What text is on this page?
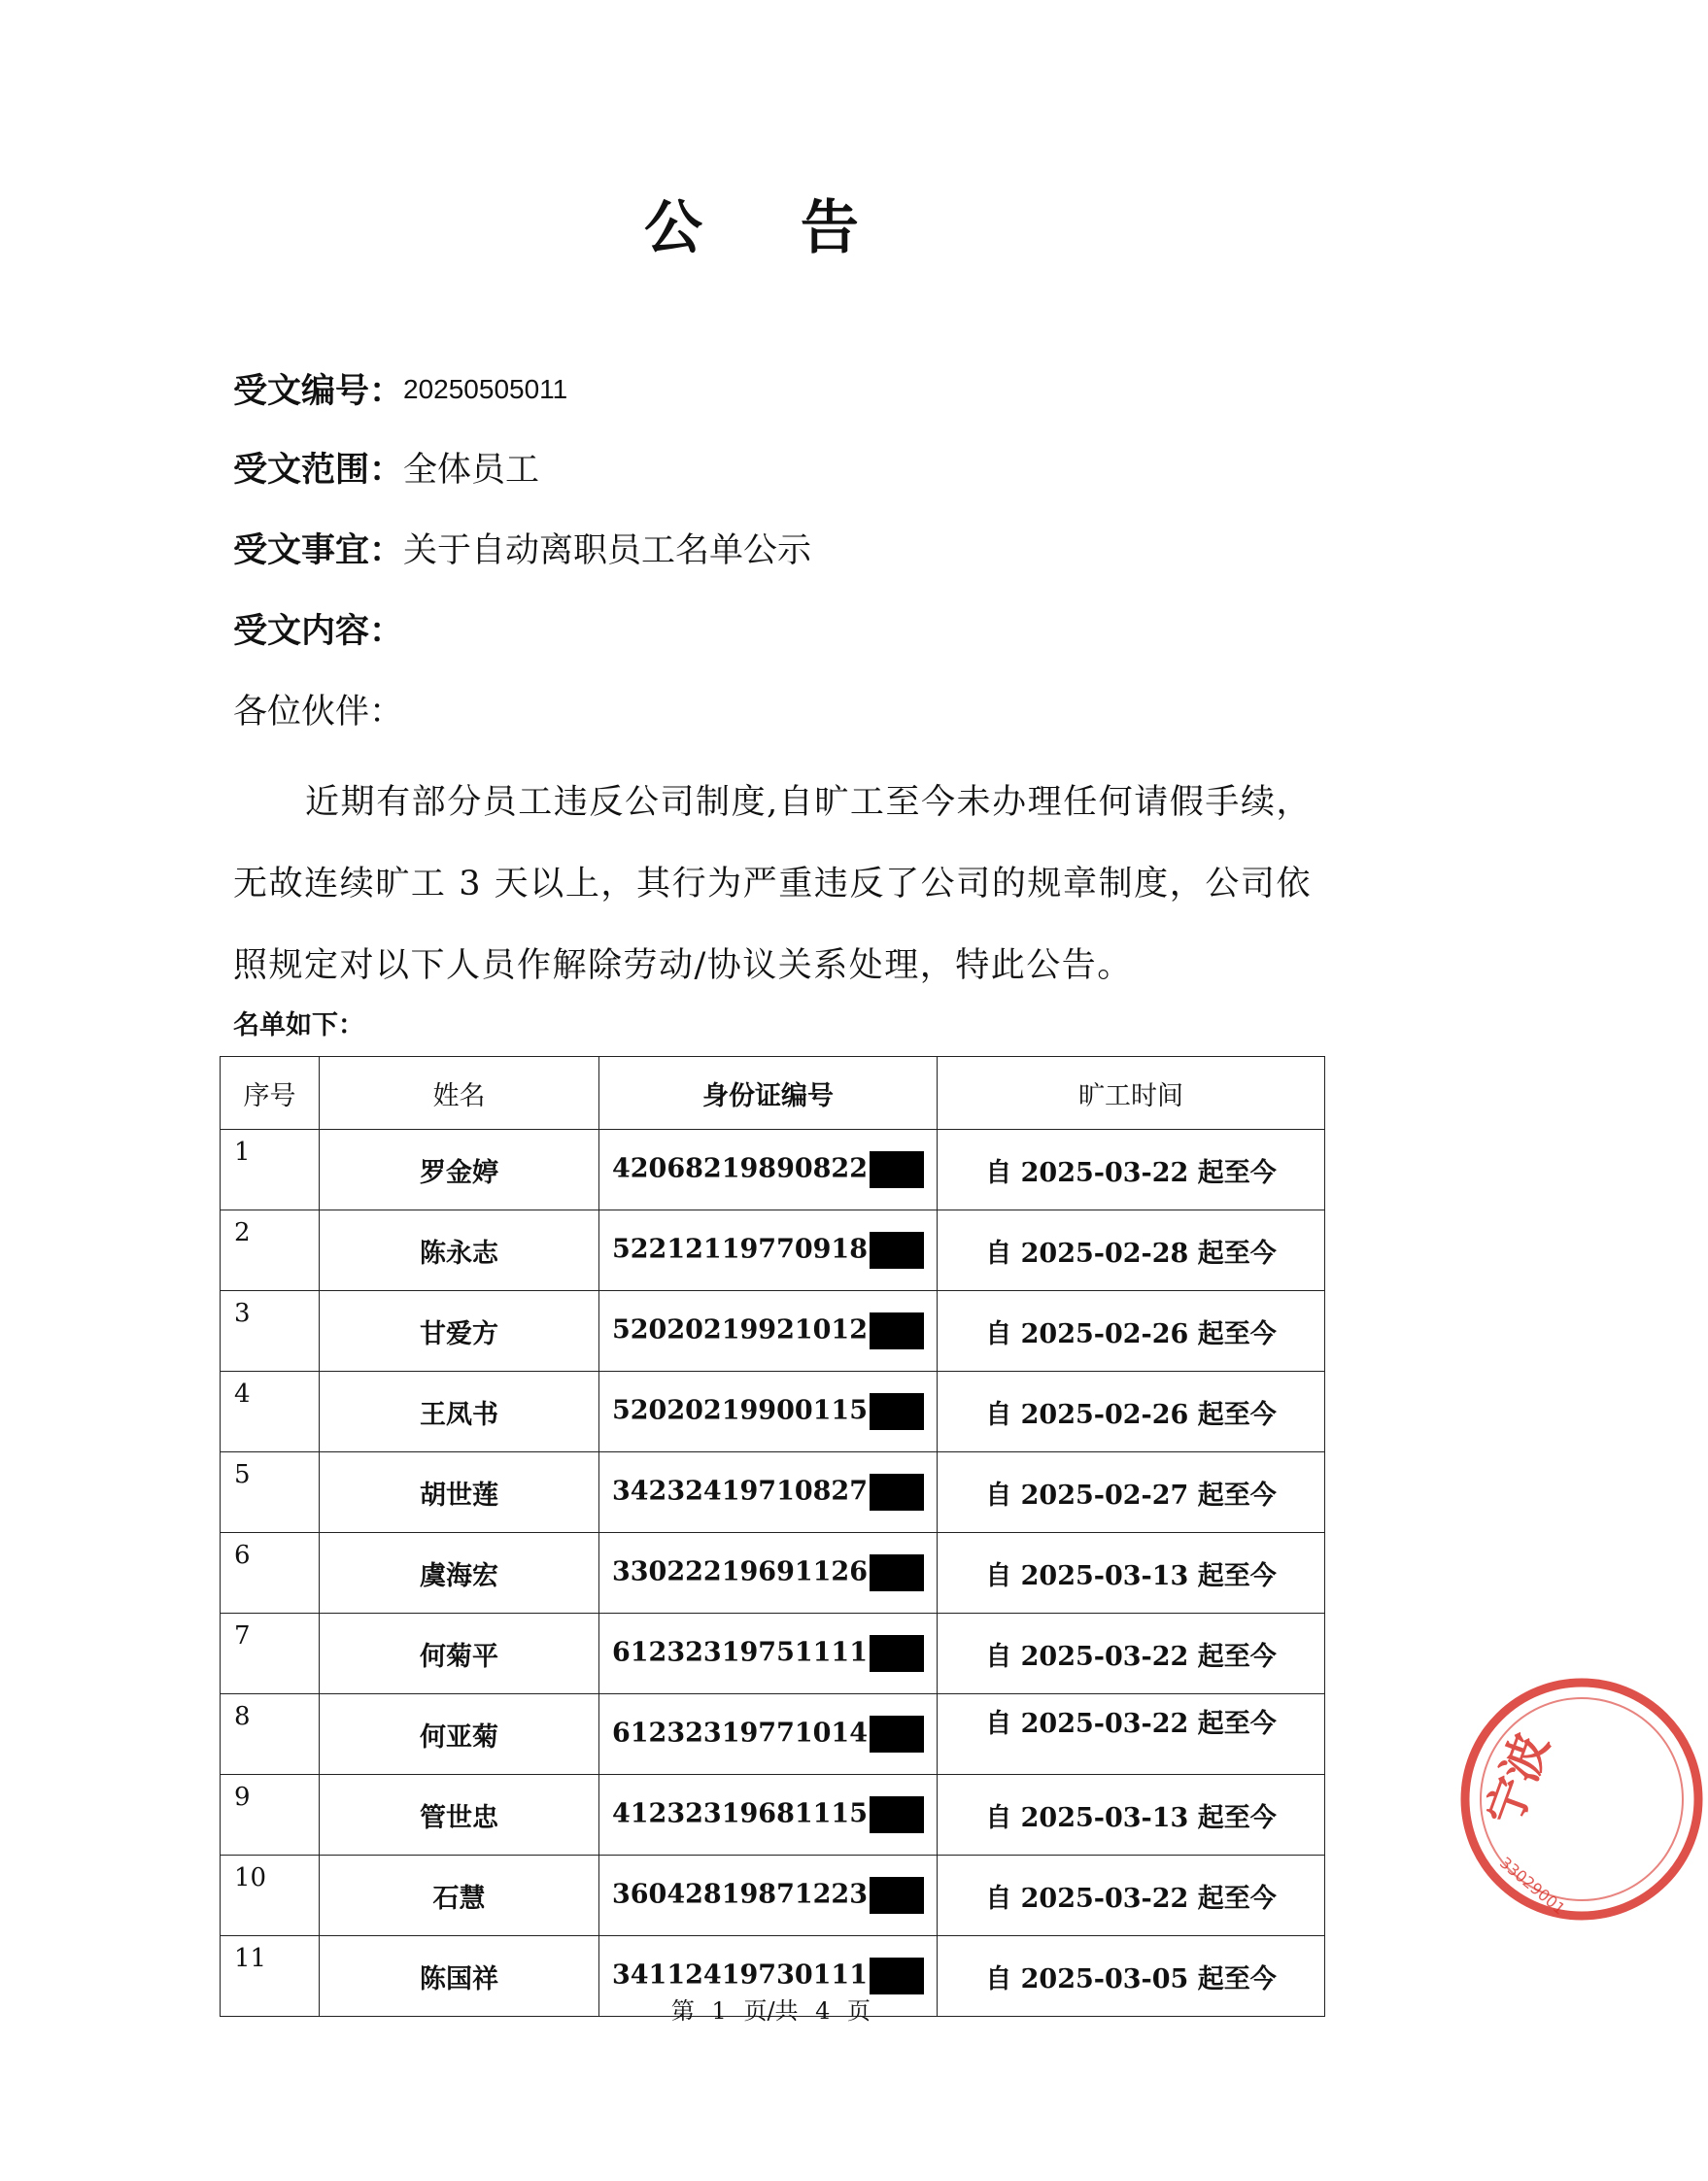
公 告
受文编号：20250505011
受文范围：全体员工
受文事宜：关于自动离职员工名单公示
受文内容：
各位伙伴：
近期有部分员工违反公司制度,自旷工至今未办理任何请假手续，无故连续旷工 3 天以上，其行为严重违反了公司的规章制度，公司依照规定对以下人员作解除劳动/协议关系处理，特此公告。
名单如下：
序号	姓名	身份证编号	旷工时间
1	罗金婷	42068219890822	自 2025-03-22 起至今
2	陈永志	52212119770918	自 2025-02-28 起至今
3	甘爱方	52020219921012	自 2025-02-26 起至今
4	王凤书	52020219900115	自 2025-02-26 起至今
5	胡世莲	34232419710827	自 2025-02-27 起至今
6	虞海宏	33022219691126	自 2025-03-13 起至今
7	何菊平	61232319751111	自 2025-03-22 起至今
8	何亚菊	61232319771014	自 2025-03-22 起至今
9	管世忠	41232319681115	自 2025-03-13 起至今
10	石慧	36042819871223	自 2025-03-22 起至今
11	陈国祥	34112419730111	自 2025-03-05 起至今
第 1 页/共 4 页
宁波
33029001
